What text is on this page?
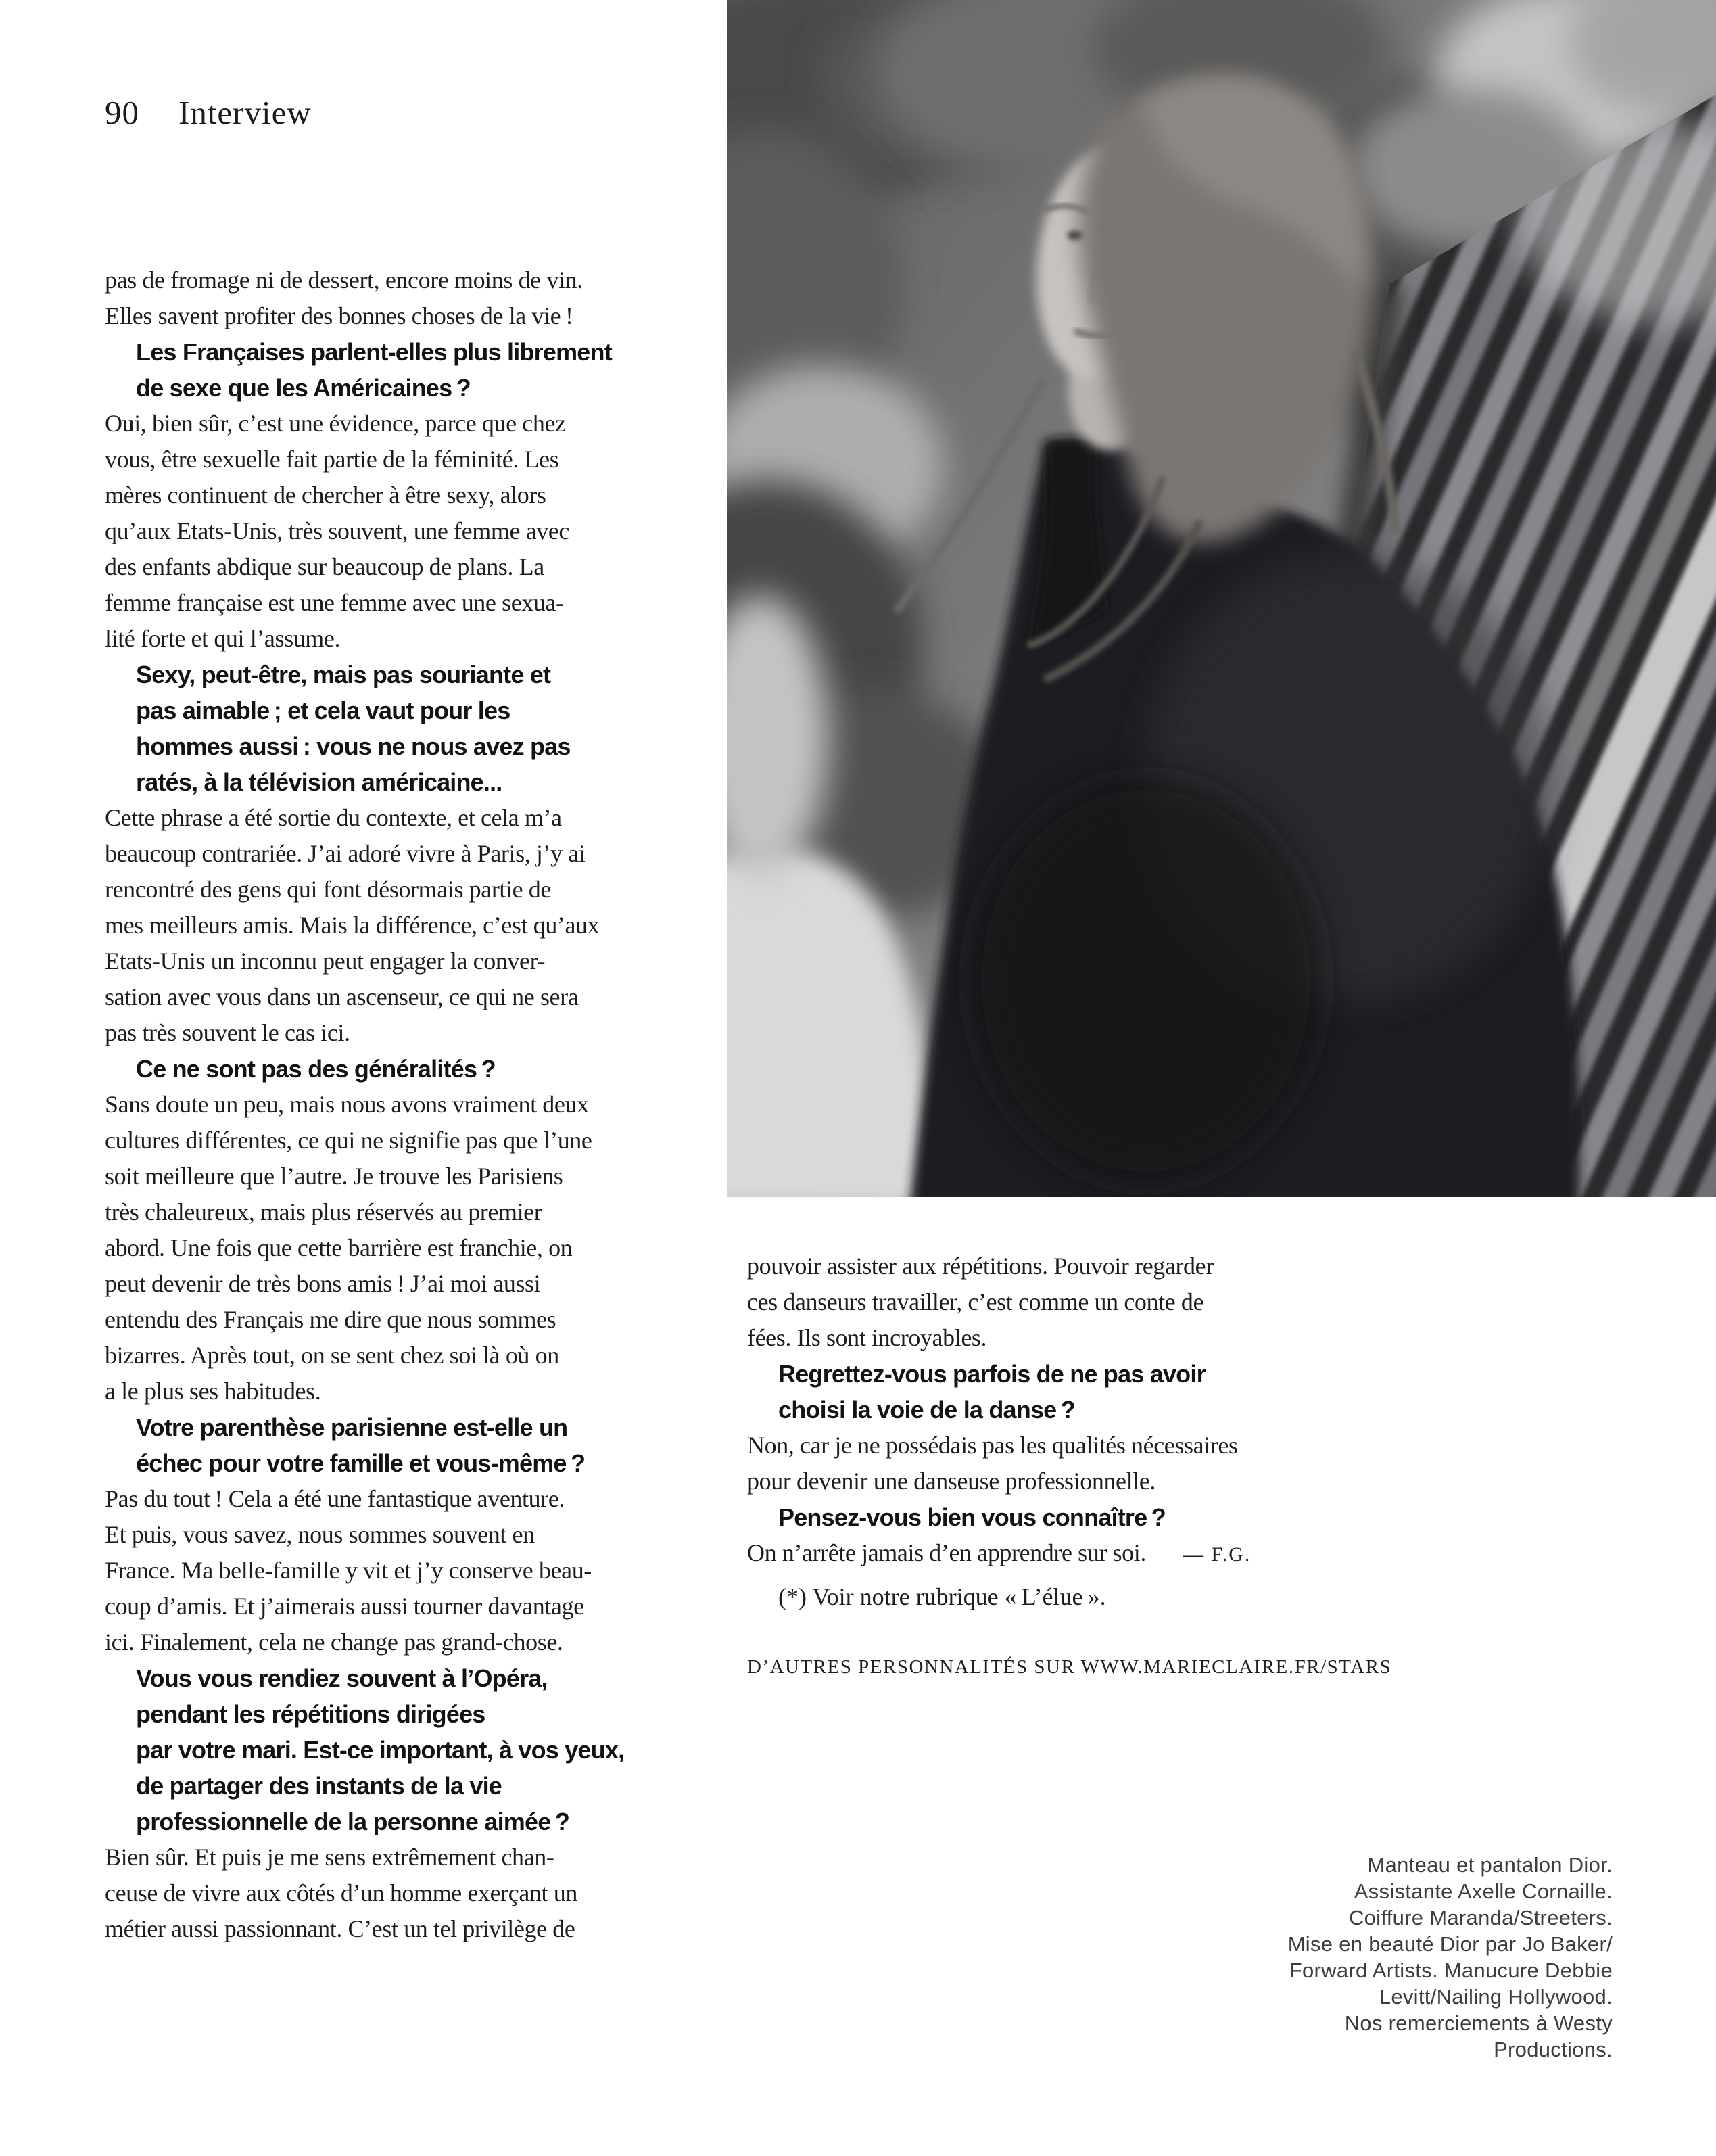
90 Interview
pas de fromage ni de dessert, encore moins de vin.
Elles savent profiter des bonnes choses de la vie !
Les Françaises parlent-elles plus librement
de sexe que les Américaines ?
Oui, bien sûr, c’est une évidence, parce que chez
vous, être sexuelle fait partie de la féminité. Les
mères continuent de chercher à être sexy, alors
qu’aux Etats-Unis, très souvent, une femme avec
des enfants abdique sur beaucoup de plans. La
femme française est une femme avec une sexua-
lité forte et qui l’assume.
Sexy, peut-être, mais pas souriante et
pas aimable ; et cela vaut pour les
hommes aussi : vous ne nous avez pas
ratés, à la télévision américaine...
Cette phrase a été sortie du contexte, et cela m’a
beaucoup contrariée. J’ai adoré vivre à Paris, j’y ai
rencontré des gens qui font désormais partie de
mes meilleurs amis. Mais la différence, c’est qu’aux
Etats-Unis un inconnu peut engager la conver-
sation avec vous dans un ascenseur, ce qui ne sera
pas très souvent le cas ici.
Ce ne sont pas des généralités ?
Sans doute un peu, mais nous avons vraiment deux
cultures différentes, ce qui ne signifie pas que l’une
soit meilleure que l’autre. Je trouve les Parisiens
très chaleureux, mais plus réservés au premier
abord. Une fois que cette barrière est franchie, on
peut devenir de très bons amis ! J’ai moi aussi
entendu des Français me dire que nous sommes
bizarres. Après tout, on se sent chez soi là où on
a le plus ses habitudes.
Votre parenthèse parisienne est-elle un
échec pour votre famille et vous-même ?
Pas du tout ! Cela a été une fantastique aventure.
Et puis, vous savez, nous sommes souvent en
France. Ma belle-famille y vit et j’y conserve beau-
coup d’amis. Et j’aimerais aussi tourner davantage
ici. Finalement, cela ne change pas grand-chose.
Vous vous rendiez souvent à l’Opéra,
pendant les répétitions dirigées
par votre mari. Est-ce important, à vos yeux,
de partager des instants de la vie
professionnelle de la personne aimée ?
Bien sûr. Et puis je me sens extrêmement chan-
ceuse de vivre aux côtés d’un homme exerçant un
métier aussi passionnant. C’est un tel privilège de
pouvoir assister aux répétitions. Pouvoir regarder
ces danseurs travailler, c’est comme un conte de
fées. Ils sont incroyables.
Regrettez-vous parfois de ne pas avoir
choisi la voie de la danse ?
Non, car je ne possédais pas les qualités nécessaires
pour devenir une danseuse professionnelle.
Pensez-vous bien vous connaître ?
On n’arrête jamais d’en apprendre sur soi. — F.G.

(*) Voir notre rubrique « L’élue ».

D’AUTRES PERSONNALITÉS SUR WWW.MARIECLAIRE.FR/STARS

Manteau et pantalon Dior.
Assistante Axelle Cornaille.
Coiffure Maranda/Streeters.
Mise en beauté Dior par Jo Baker/
Forward Artists. Manucure Debbie
Levitt/Nailing Hollywood.
Nos remerciements à Westy
Productions.
